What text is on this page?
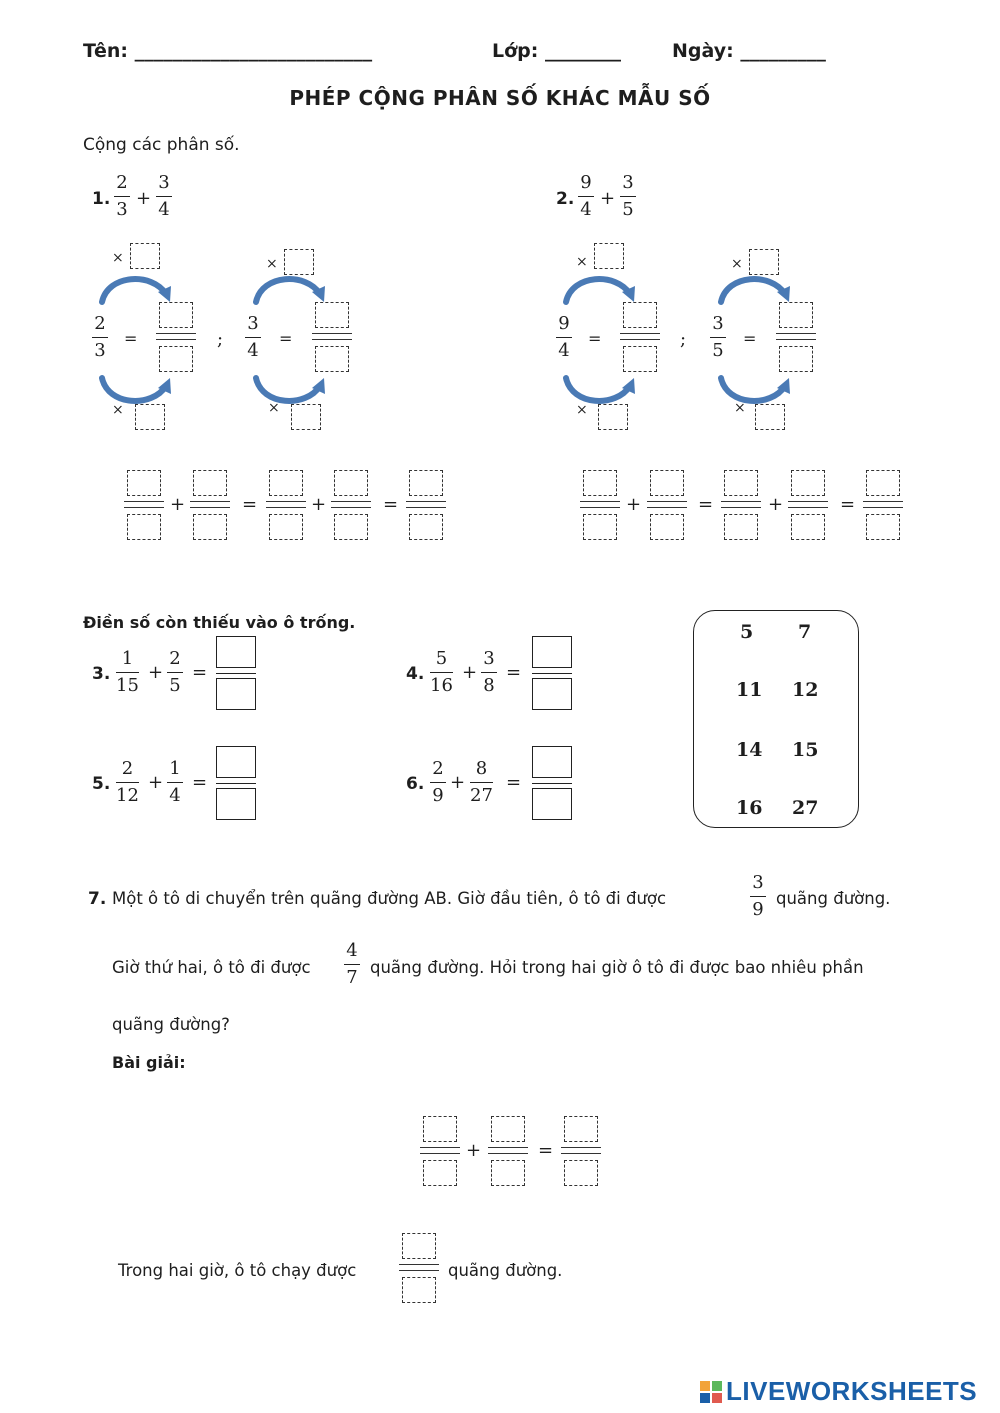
Tên: _________________________	Lớp: ________	Ngày: _________
PHÉP CỘNG PHÂN SỐ KHÁC MẪU SỐ
Cộng các phân số.
1.
2
3
+
3
4	2.
9
4
+
3
5
×
2
3
=
×
;
×
3
4
=
×
×
9
4
=
×
;
×
3
5
=
×
+	=	+	=	+	=	+	=
Điền số còn thiếu vào ô trống.
3.
1
15
+
2
5
=	4.
5
16
+
3
8
=
5.
2
12
+
1
4
=	6.
2
9
+
8
27
=
5 7
11 12
14 15
16 27
7. Một ô tô di chuyển trên quãng đường AB. Giờ đầu tiên, ô tô đi được
3
9
quãng đường.
Giờ thứ hai, ô tô đi được
4
7 quãng đường. Hỏi trong hai giờ ô tô đi được bao nhiêu phần
quãng đường?
Bài giải:
+	=
Trong hai giờ, ô tô chạy được	quãng đường.
LIVEWORKSHEETS
